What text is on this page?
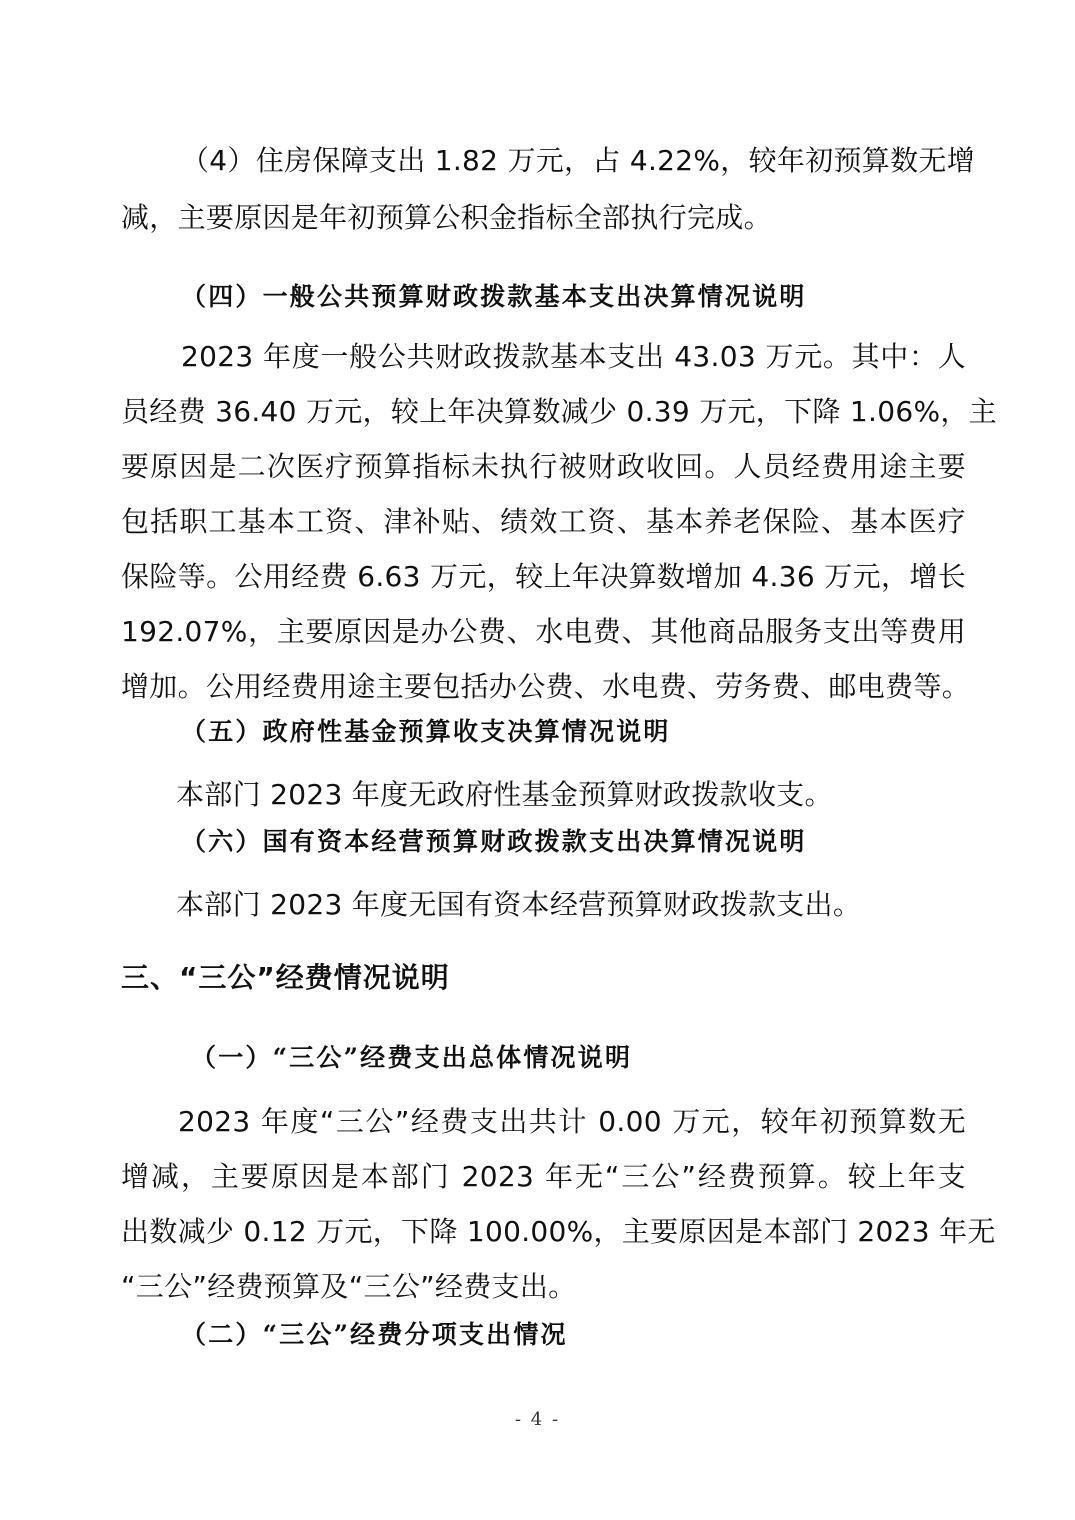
（4）住房保障支出 1.82 万元，占 4.22%，较年初预算数无增
减，主要原因是年初预算公积金指标全部执行完成。
（四）一般公共预算财政拨款基本支出决算情况说明
2023 年度一般公共财政拨款基本支出 43.03 万元。其中：人
员经费 36.40 万元，较上年决算数减少 0.39 万元，下降 1.06%，主
要原因是二次医疗预算指标未执行被财政收回。人员经费用途主要
包括职工基本工资、津补贴、绩效工资、基本养老保险、基本医疗
保险等。公用经费 6.63 万元，较上年决算数增加 4.36 万元，增长
192.07%，主要原因是办公费、水电费、其他商品服务支出等费用
增加。公用经费用途主要包括办公费、水电费、劳务费、邮电费等。
（五）政府性基金预算收支决算情况说明
本部门 2023 年度无政府性基金预算财政拨款收支。
（六）国有资本经营预算财政拨款支出决算情况说明
本部门 2023 年度无国有资本经营预算财政拨款支出。
三、“三公”经费情况说明
（一）“三公”经费支出总体情况说明
2023 年度“三公”经费支出共计 0.00 万元，较年初预算数无
增减，主要原因是本部门 2023 年无“三公”经费预算。较上年支
出数减少 0.12 万元，下降 100.00%，主要原因是本部门 2023 年无
“三公”经费预算及“三公”经费支出。
（二）“三公”经费分项支出情况
- 4 -
